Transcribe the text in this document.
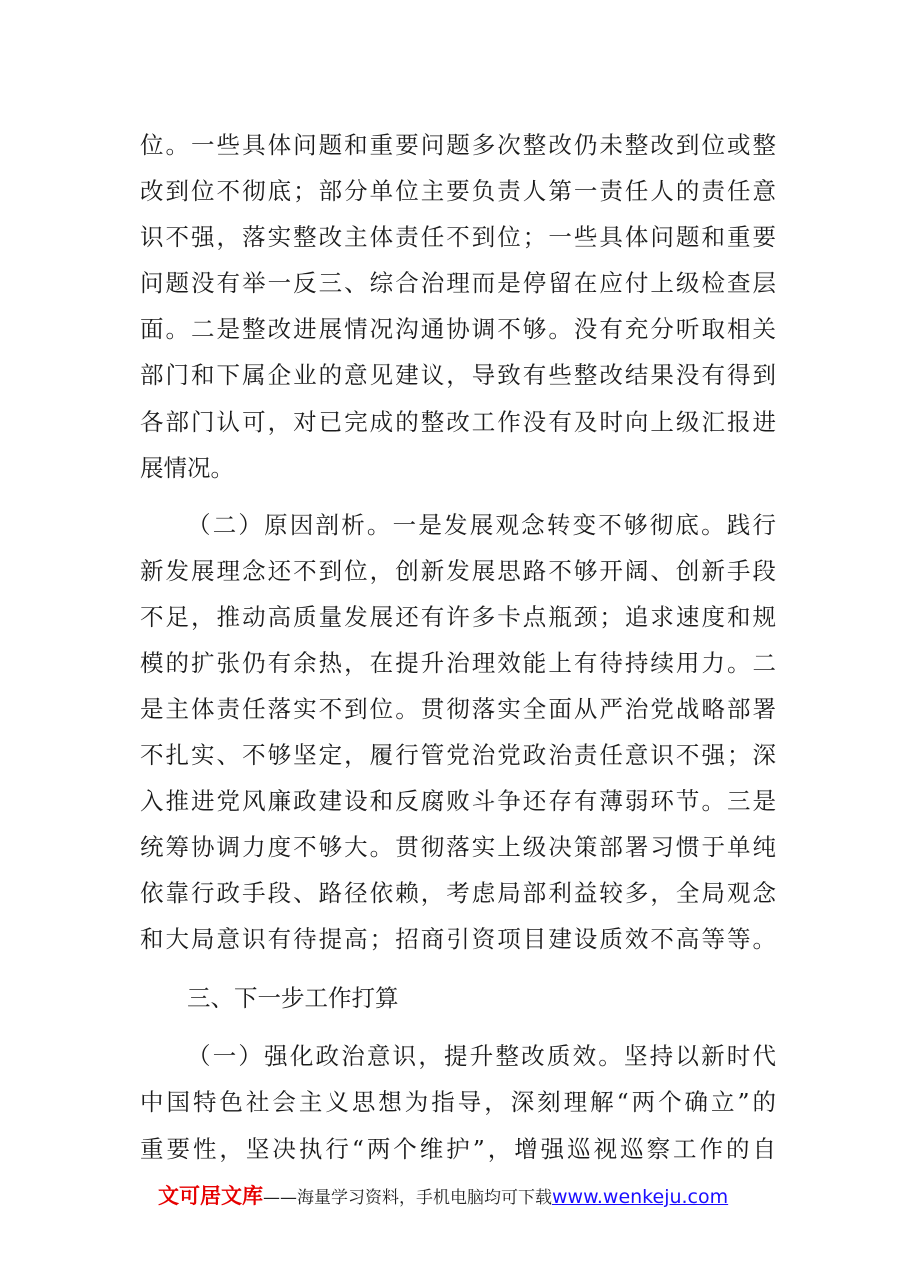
位。一些具体问题和重要问题多次整改仍未整改到位或整
改到位不彻底；部分单位主要负责人第一责任人的责任意
识不强，落实整改主体责任不到位；一些具体问题和重要
问题没有举一反三、综合治理而是停留在应付上级检查层
面。二是整改进展情况沟通协调不够。没有充分听取相关
部门和下属企业的意见建议，导致有些整改结果没有得到
各部门认可，对已完成的整改工作没有及时向上级汇报进
展情况。
（二）原因剖析。一是发展观念转变不够彻底。践行
新发展理念还不到位，创新发展思路不够开阔、创新手段
不足，推动高质量发展还有许多卡点瓶颈；追求速度和规
模的扩张仍有余热，在提升治理效能上有待持续用力。二
是主体责任落实不到位。贯彻落实全面从严治党战略部署
不扎实、不够坚定，履行管党治党政治责任意识不强；深
入推进党风廉政建设和反腐败斗争还存有薄弱环节。三是
统筹协调力度不够大。贯彻落实上级决策部署习惯于单纯
依靠行政手段、路径依赖，考虑局部利益较多，全局观念
和大局意识有待提高；招商引资项目建设质效不高等等。
三、下一步工作打算
（一）强化政治意识，提升整改质效。坚持以新时代
中国特色社会主义思想为指导，深刻理解“两个确立”的
重要性，坚决执行“两个维护”，增强巡视巡察工作的自
文可居文库 —— 海量学习资料，手机电脑均可下载 www.wenkeju.com
